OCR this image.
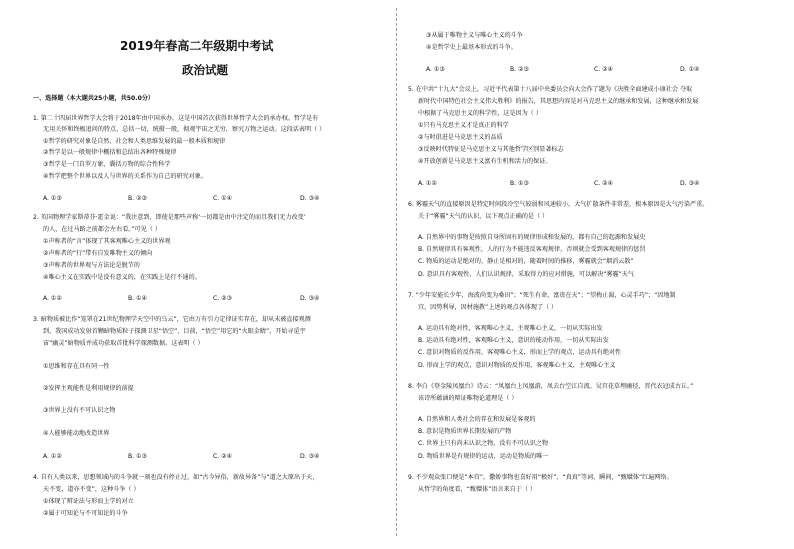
2019年春高二年级期中考试
政治试题
一、选择题（本大题共25小题，共50.0分）
1. 第二十四届世界哲学大会将于2018年由中国承办，这是中国首次获得世界哲学大会的承办权。哲学是有
无用关怀和终极追问的特点，总括一切，统摄一般，彻观宇宙之无穷，察究万物之运动。这段话表明（ ）
①哲学的研究对象是自然、社会和人类思维发展的最一般本质和规律
②哲学是以一般规律中概括和总结出各种特殊规律
③哲学是一门自罗万象、囊括万物的综合性科学
④哲学把整个世界以及人与世界的关系作为自己的研究对象。
A. ①③	B. ②③	C. ①④	D. ③④
2. 英国物理学家斯蒂芬·霍金说：“我注意到，即使是那些声称‘一切都是由中注定的而且我们无力改变’
的人，在过马路之前都会左右看。”可见（ ）
①声称者的“言”体现了其客观唯心主义的世界观
②声称者的“行”带有自发唯物主义的倾向
③声称者的世界观与方法论是脱节的
④唯心主义在实践中是没有意义的，在实践上是行不通的。
A. ①②	B. ①④	C. ②③	D. ③④
3. 暗物质被比作“笼罩在21世纪物理学天空中的乌云”，它由万有引力定律证实存在，却从未被直接观测
到，我国成功发射首颗暗物质粒子探测卫星“悟空”，目前，“悟空”用它的“火眼金睛”，开始寻觅宇
宙“幽灵”暗物质并成功获取首批科学探测数据。这表明（ ）
①思维和存在具有同一性
②发挥主观能性是利用规律的前提
③世界上没有不可认识之物
④人能够能动地改造世界
A. ①②	B. ①③	C. ②④	D. ③④
4. 自有人类以来，思想领域内的斗争就一刻也没有停止过，如“古今异俗，新故异备”与“道之大原出于天，
天不变，道亦不变”，这种斗争（ ）
①体现了辩证法与形而上学的对立
②属于可知论与不可知论的斗争
③从属于唯物主义与唯心主义的斗争
④是哲学史上最基本形式的斗争。
A. ①③	B. ②③	C. ②④	D. ①④
5. 在中共“十九大”会议上，习近平代表第十八届中央委员会向大会作了题为《决胜全面建成小康社会 夺取
新时代中国特色社会主义伟大胜利》的报告，其思想内容是对马克思主义的继承和发展，这种继承和发展
中根据了马克思主义的科学性，这是因为（ ）
①只有马克思主义才是真正的科学
②与时俱进是马克思主义的品质
③反映时代特征是马克思主义与其他哲学区别显著标志
④开放创新是马克思主义富有生机和活力的保证。
A. ①②	B. ①③	C. ②④	D. ③④
6. 雾霾天气的直接原因是特定时间段冷空气较弱和风速较小，大气扩散条件非常差，根本原因是大气污染严重。
关于“雾霾”天气的认识，以下观点正确的是（ ）
A. 自然界中的事物是按照自身所固有的规律形成和发展的，都有自己的起源和发展史
B. 自然规律具有客观性，人的行为不能违反客观规律，否则就会受到客观规律的惩罚
C. 物质的运动是绝对的，静止是相对的，随着时间的推移，雾霾就会“烟消云散”
D. 意识具有客观性，人们认识规律，采取得力的应对措施，可以解决“雾霾”天气
7. “少年安能长少年，海波尚变为桑田”；“死生有命，富贵在天”；“望梅止渴，心灵手巧”；“因地制
宜，因势利导，因材施教”上述的观点各体现了（ ）
A. 运动具有绝对性，客观唯心主义，主观唯心主义，一切从实际出发
B. 运动具有绝对性，客观唯心主义，意识的能动作用，一切从实际出发
C. 意识对物质的反作用，客观唯心主义，形而上学的观点，运动具有绝对性
D. 形而上学的观点，意识对物质的反作用，客观唯心主义，主观唯心主义
8. 李白《登金陵凤凰台》诗云：“凤凰台上凤凰游，凤去台空江自流。吴宫花草埋幽径，晋代衣冠成古丘。”
该诗所蕴涵的辩证唯物论道理是（ ）
A. 自然界和人类社会的存在和发展是客观的
B. 意识是物质世界长期发展的产物
C. 世界上只有尚未认识之物，没有不可认识之物
D. 物质世界是有规律的运动，运动是物质的唯一
9. 不少观众张口便是“本宫”，撒娇事物也喜好用“极好”、“真真”等词，瞬间，“甄嬛体”红遍网络。
从哲学的角度看，“甄嬛体”语言来自于（ ）
